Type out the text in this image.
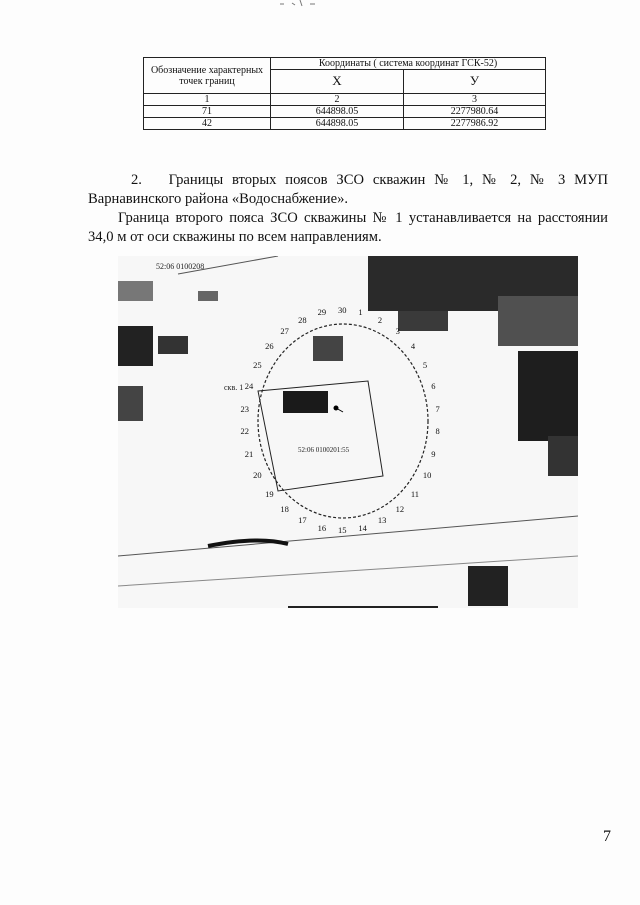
Обозначение характерных точек границ	Координаты ( система координат ГСК-52)	
	X	У
1	2	3
71	644898.05	2277980.64
42	644898.05	2277986.92

2. Границы вторых поясов ЗСО скважин № 1, № 2, № 3 МУП Варнавинского района «Водоснабжение».

Граница второго пояса ЗСО скважины № 1 устанавливается на расстоянии 34,0 м от оси скважины по всем направлениям.

52:06 0100208
скв. 1
52:06 0100201:55
30 1
2
3
4
5
6
7
8
9
10
11
12
13
14
15
16
17
18
19
20
21
22
23
24
25
26
27
28
29
7
